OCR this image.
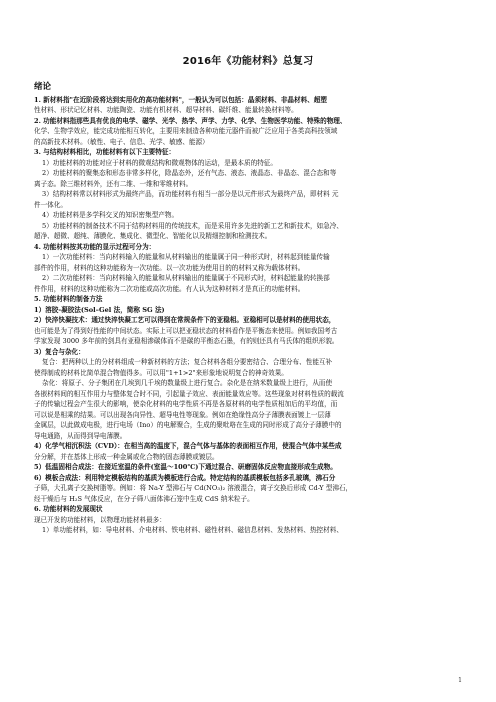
2016年《功能材料》总复习
绪论
1. 新材料指"在近阶段将达到实用化的高功能材料"，一般认为可以包括：晶须材料、非晶材料、超塑
性材料、形状记忆材料、功能陶瓷、功能有机材料、超导材料、碳纤维、能量转换材料等。
2. 功能材料指那些具有优良的电学、磁学、光学、热学、声学、力学、化学、生物医学功能、特殊的物理、
化学、生物学效应，能完成功能相互转化，主要用来制造各种功能元器件而被广泛应用于各类高科技领域
的高新技术材料。（敏性、电子、信息、光学、敏感、能源）
3. 与结构材料相比，功能材料有以下主要特征：
1）功能材料的功能对应于材料的微观结构和微观物体的运动，是最本质的特征。
2）功能材料的聚集态和形态非常多样化，除晶态外，还有气态、液态、液晶态、非晶态、混合态和等
离子态。除三维材料外，还有二维、一维和零维材料。
3）结构材料常以材料形式为最终产品，而功能材料有相当一部分是以元件形式为最终产品，即材料 元
件一体化。
4）功能材料是多学科交叉的知识密集型产物。
5）功能材料的制备技术不同于结构材料用的传统技术，而是采用许多先进的新工艺和新技术，如急冷、
超净、超微、超纯、薄膜化、集成化、微型化、智能化以及精细控制和检测技术。
4. 功能材料按其功能的显示过程可分为：
1）一次功能材料：当向材料输入的能量和从材料输出的能量属于同一种形式时，材料起到能量传输
部件的作用，材料的这种功能称为一次功能。以一次功能为使用目的的材料又称为载体材料。
2）二次功能材料：当向材料输入的能量和从材料输出的能量属于不同形式时，材料起能量的转换部
件作用，材料的这种功能称为二次功能或高次功能。有人认为这种材料才是真正的功能材料。
5. 功能材料的制备方法
1）溶胶-凝胶法(Sol–Gel 法，简称 SG 法)
2）快淬快凝技术：通过快淬快凝工艺可以得到在常规条件下的亚稳相。亚稳相可以是材料的使用状态，
也可能是为了得到好性能的中间状态。实际上可以把亚稳状态的材料看作是平衡态来使用。例如我国考古
学家发现 3000 多年前的剑具有亚稳相渗碳体而不是碳的平衡态石墨，有的则还具有马氏体的组织形貌。
3）复合与杂化：
复合：把两种以上的分材料组成一种新材料的方法；复合材料各组分要密结合、合理分布、性能互补
使得制成的材料比简单混合物值得多。可以用"1+1>2"来形象地说明复合的神奇效果。
杂化：将原子、分子集团在几埃到几千埃的数量级上进行复合。杂化是在纳米数量级上进行，从而使
各嵌材料间的相互作用力与整体复合时不同，引起量子效应、表面能量效应等。这些现象对材料性质的载流
子的传输过程会产生很大的影响，使杂化材料的电学性质不再是各原材料的电学性质相加后的平均值，而
可以说是相乘的结果。可以出现各向异性、超导电性等现象。例如在绝缘性高分子薄膜表面镀上一层薄
金属层，以此做成电极，进行电场（Ino）的电解聚合，生成的聚吡咯在生成的同时形成了高分子薄膜中的
导电通路，从而得到导电薄膜。
4）化学气相沉积法（CVD）：在相当高的温度下，混合气体与基体的表面相互作用，使混合气体中某些成
分分解，并在基体上形成一种金属或化合物的固态薄膜或镀层。
5）低温固相合成法：在接近室温的条件(室温～100℃)下通过混合、研磨固体反应物直接形成生成物。
6）模板合成法：利用特定模板结构的基质为模板进行合成。特定结构的基质模板包括多孔玻璃，沸石分
子筛，大孔离子交换树脂等。例如：将 Na-Y 型沸石与 Cd(NO₃)₂ 溶液混合，离子交换后形成 Cd-Y 型沸石，
经干燥后与 H₂S 气体反应，在分子筛八面体沸石笼中生成 CdS 纳米粒子。
6. 功能材料的发展现状
现已开发的功能材料，以物理功能材料最多：
1）单功能材料，如：导电材料、介电材料、铁电材料、磁性材料、磁信息材料、发热材料、热控材料、
1
